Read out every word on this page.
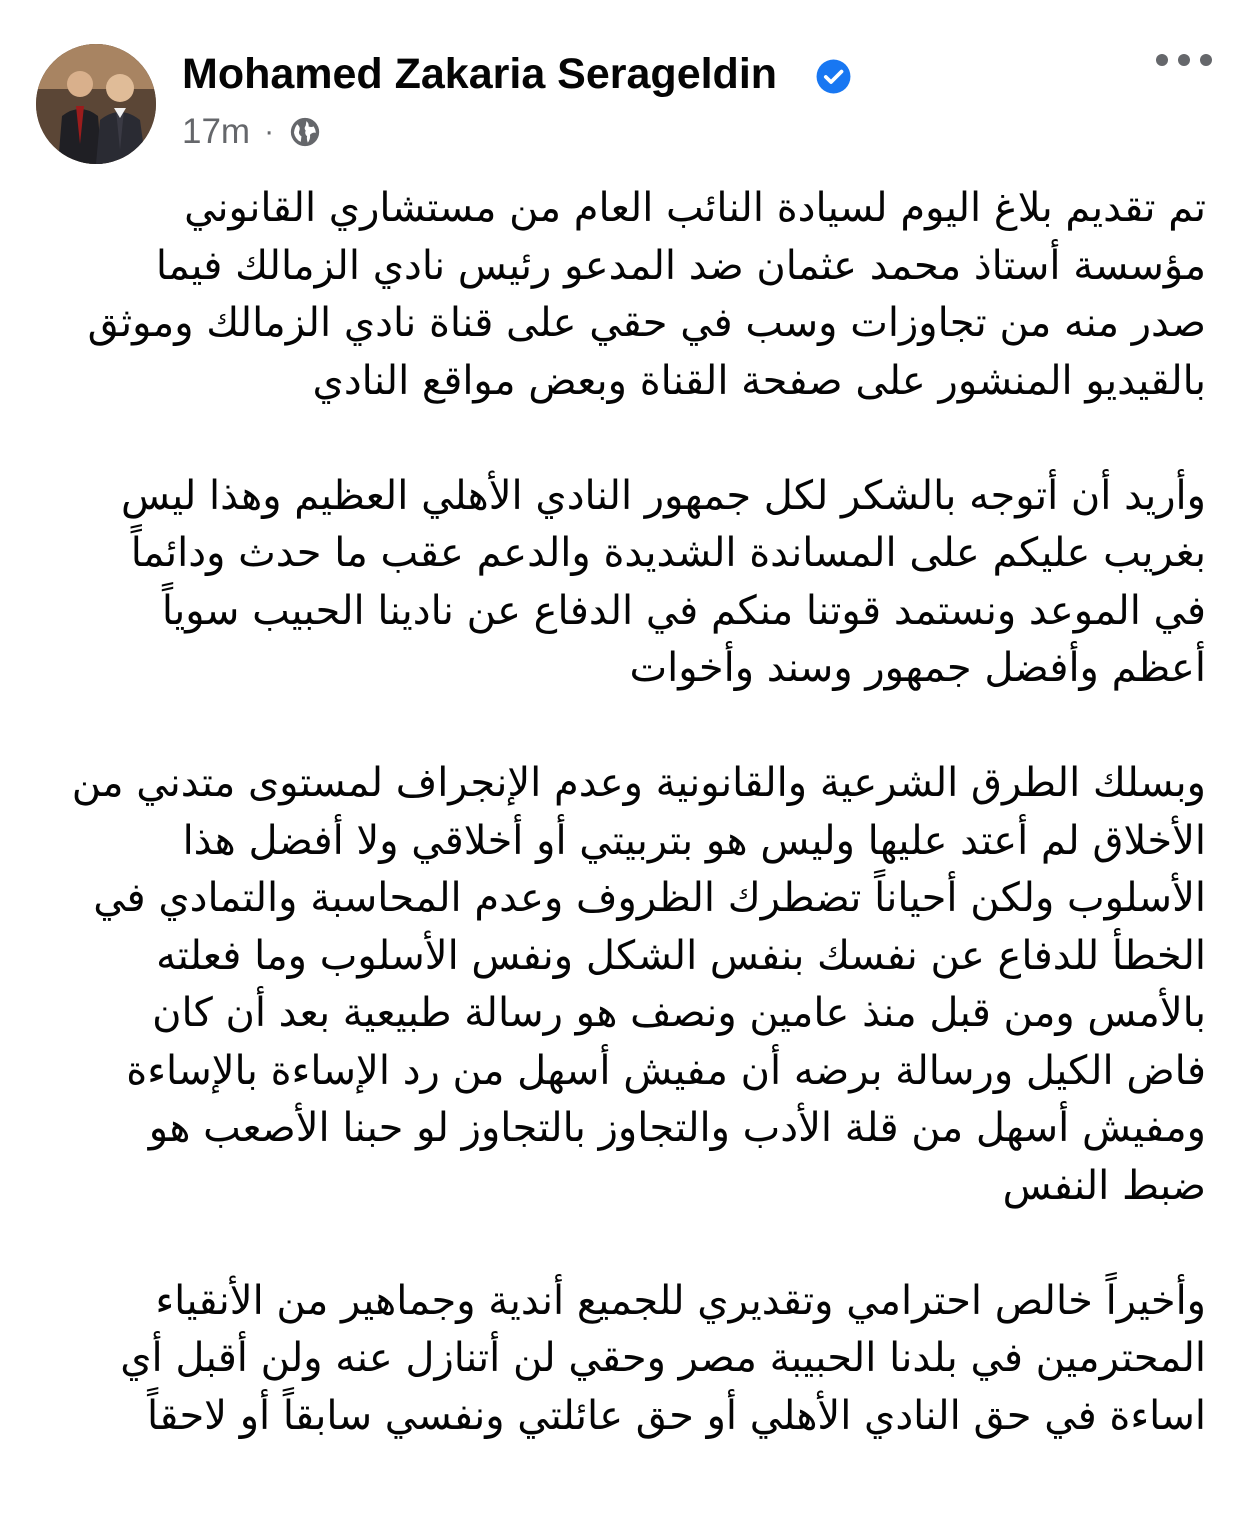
Mohamed Zakaria Serageldin
17m ·

تم تقديم بلاغ اليوم لسيادة النائب العام من مستشاري القانوني
مؤسسة أستاذ محمد عثمان ضد المدعو رئيس نادي الزمالك فيما
صدر منه من تجاوزات وسب في حقي على قناة نادي الزمالك وموثق
بالقيديو المنشور على صفحة القناة وبعض مواقع النادي

وأريد أن أتوجه بالشكر لكل جمهور النادي الأهلي العظيم وهذا ليس
بغريب عليكم على المساندة الشديدة والدعم عقب ما حدث ودائماً
في الموعد ونستمد قوتنا منكم في الدفاع عن نادينا الحبيب سوياً
أعظم وأفضل جمهور وسند وأخوات

وبسلك الطرق الشرعية والقانونية وعدم الإنجراف لمستوى متدني من
الأخلاق لم أعتد عليها وليس هو بتربيتي أو أخلاقي ولا أفضل هذا
الأسلوب ولكن أحياناً تضطرك الظروف وعدم المحاسبة والتمادي في
الخطأ للدفاع عن نفسك بنفس الشكل ونفس الأسلوب وما فعلته
بالأمس ومن قبل منذ عامين ونصف هو رسالة طبيعية بعد أن كان
فاض الكيل ورسالة برضه أن مفيش أسهل من رد الإساءة بالإساءة
ومفيش أسهل من قلة الأدب والتجاوز بالتجاوز لو حبنا الأصعب هو
ضبط النفس

وأخيراً خالص احترامي وتقديري للجميع أندية وجماهير من الأنقياء
المحترمين في بلدنا الحبيبة مصر وحقي لن أتنازل عنه ولن أقبل أي
اساءة في حق النادي الأهلي أو حق عائلتي ونفسي سابقاً أو لاحقاً
